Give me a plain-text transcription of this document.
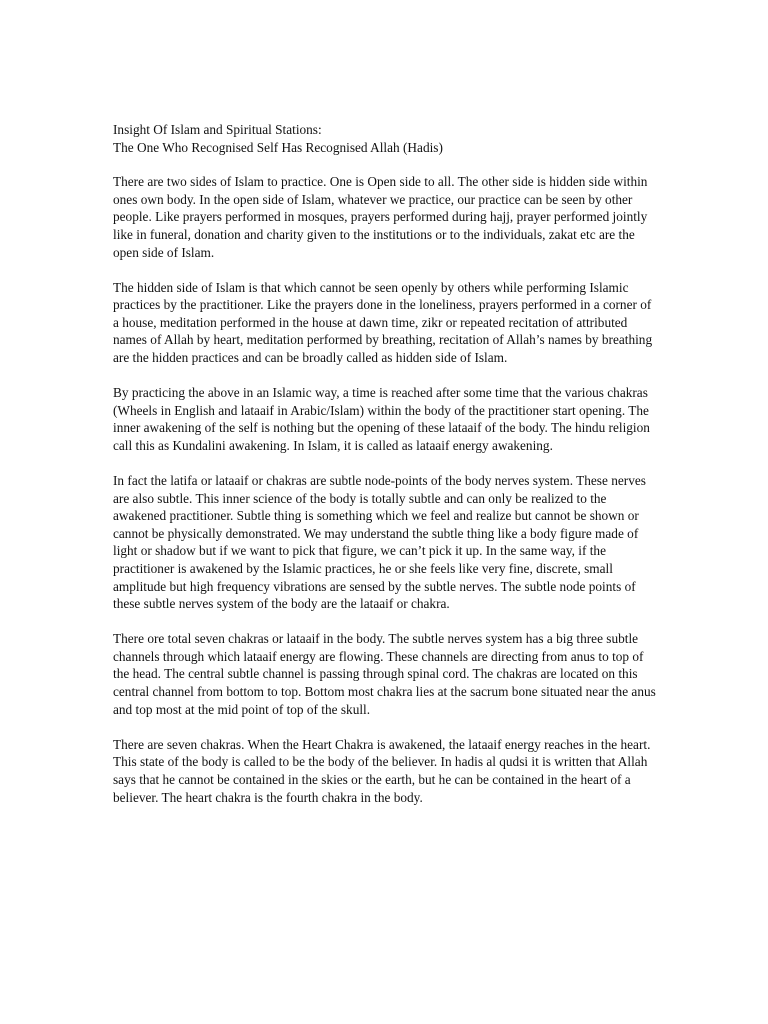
Insight Of Islam and Spiritual Stations:
The One Who Recognised Self Has Recognised Allah (Hadis)

There are two sides of Islam to practice. One is Open side to all. The other side is hidden side within ones own body. In the open side of Islam, whatever we practice, our practice can be seen by other people. Like prayers performed in mosques, prayers performed during hajj, prayer performed jointly like in funeral, donation and charity given to the institutions or to the individuals, zakat etc are the open side of Islam.

The hidden side of Islam is that which cannot be seen openly by others while performing Islamic practices by the practitioner. Like the prayers done in the loneliness, prayers performed in a corner of a house, meditation performed in the house at dawn time, zikr or repeated recitation of attributed names of Allah by heart, meditation performed by breathing, recitation of Allah’s names by breathing are the hidden practices and can be broadly called as hidden side of Islam.

By practicing the above in an Islamic way, a time is reached after some time that the various chakras (Wheels in English and lataaif in Arabic/Islam) within the body of the practitioner start opening. The inner awakening of the self is nothing but the opening of these lataaif of the body. The hindu religion call this as Kundalini awakening. In Islam, it is called as lataaif energy awakening.

In fact the latifa or lataaif or chakras are subtle node-points of the body nerves system. These nerves are also subtle. This inner science of the body is totally subtle and can only be realized to the awakened practitioner. Subtle thing is something which we feel and realize but cannot be shown or cannot be physically demonstrated. We may understand the subtle thing like a body figure made of light or shadow but if we want to pick that figure, we can’t pick it up. In the same way, if the practitioner is awakened by the Islamic practices, he or she feels like very fine, discrete, small amplitude but high frequency vibrations are sensed by the subtle nerves. The subtle node points of these subtle nerves system of the body are the lataaif or chakra.

There ore total seven chakras or lataaif in the body. The subtle nerves system has a big three subtle channels through which lataaif energy are flowing. These channels are directing from anus to top of the head. The central subtle channel is passing through spinal cord. The chakras are located on this central channel from bottom to top. Bottom most chakra lies at the sacrum bone situated near the anus and top most at the mid point of top of the skull.

There are seven chakras. When the Heart Chakra is awakened, the lataaif energy reaches in the heart. This state of the body is called to be the body of the believer. In hadis al qudsi it is written that Allah says that he cannot be contained in the skies or the earth, but he can be contained in the heart of a believer. The heart chakra is the fourth chakra in the body.
